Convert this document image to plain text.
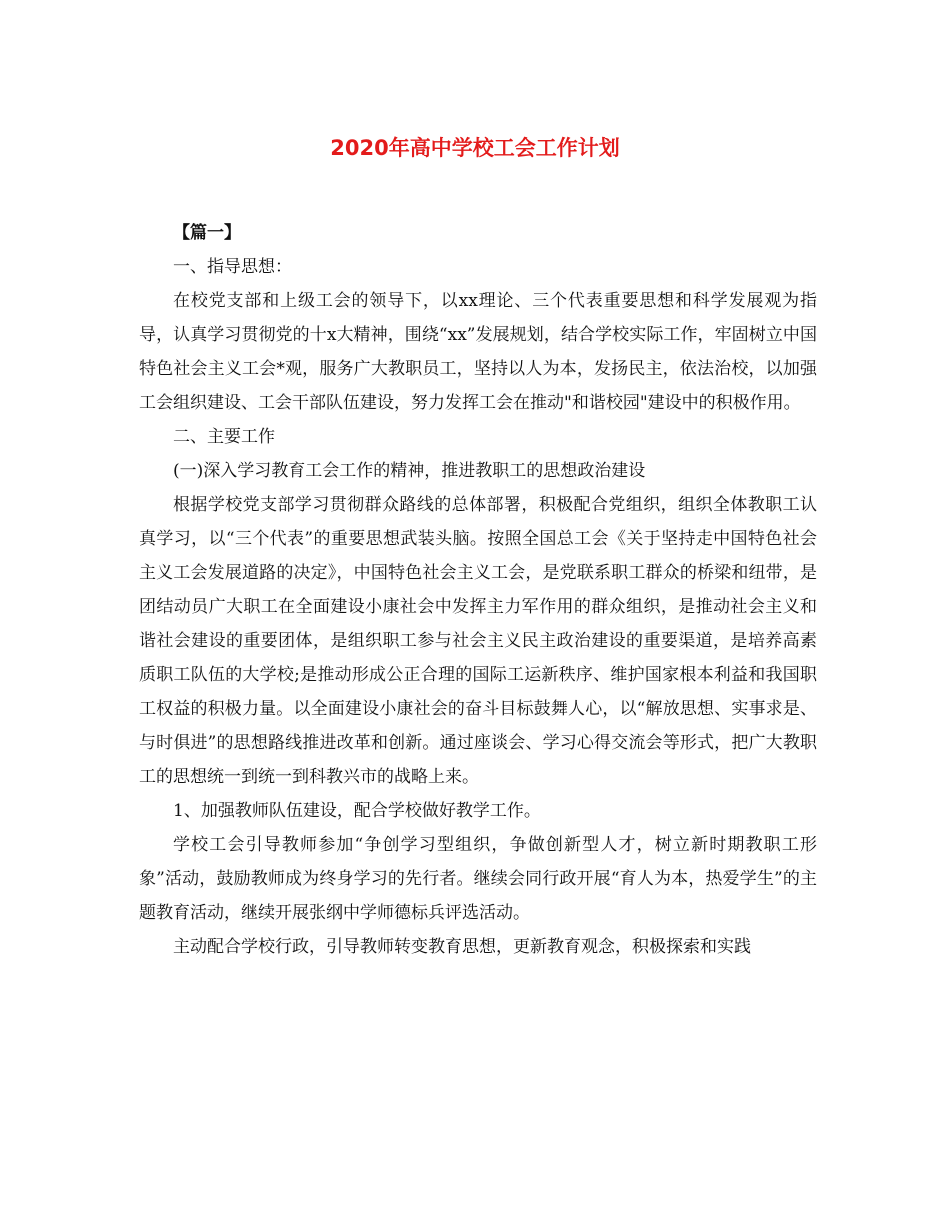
2020年高中学校工会工作计划

【篇一】

一、指导思想：

在校党支部和上级工会的领导下，以xx理论、三个代表重要思想和科学发展观为指导，认真学习贯彻党的十x大精神，围绕“xx”发展规划，结合学校实际工作，牢固树立中国特色社会主义工会*观，服务广大教职员工，坚持以人为本，发扬民主，依法治校，以加强工会组织建设、工会干部队伍建设，努力发挥工会在推动"和谐校园"建设中的积极作用。

二、主要工作

(一)深入学习教育工会工作的精神，推进教职工的思想政治建设

根据学校党支部学习贯彻群众路线的总体部署，积极配合党组织，组织全体教职工认真学习，以“三个代表”的重要思想武装头脑。按照全国总工会《关于坚持走中国特色社会主义工会发展道路的决定》，中国特色社会主义工会，是党联系职工群众的桥梁和纽带，是团结动员广大职工在全面建设小康社会中发挥主力军作用的群众组织，是推动社会主义和谐社会建设的重要团体，是组织职工参与社会主义民主政治建设的重要渠道，是培养高素质职工队伍的大学校;是推动形成公正合理的国际工运新秩序、维护国家根本利益和我国职工权益的积极力量。以全面建设小康社会的奋斗目标鼓舞人心，以“解放思想、实事求是、与时俱进”的思想路线推进改革和创新。通过座谈会、学习心得交流会等形式，把广大教职工的思想统一到统一到科教兴市的战略上来。

1、加强教师队伍建设，配合学校做好教学工作。

学校工会引导教师参加“争创学习型组织，争做创新型人才，树立新时期教职工形象”活动，鼓励教师成为终身学习的先行者。继续会同行政开展“育人为本，热爱学生”的主题教育活动，继续开展张纲中学师德标兵评选活动。

主动配合学校行政，引导教师转变教育思想，更新教育观念，积极探索和实践
